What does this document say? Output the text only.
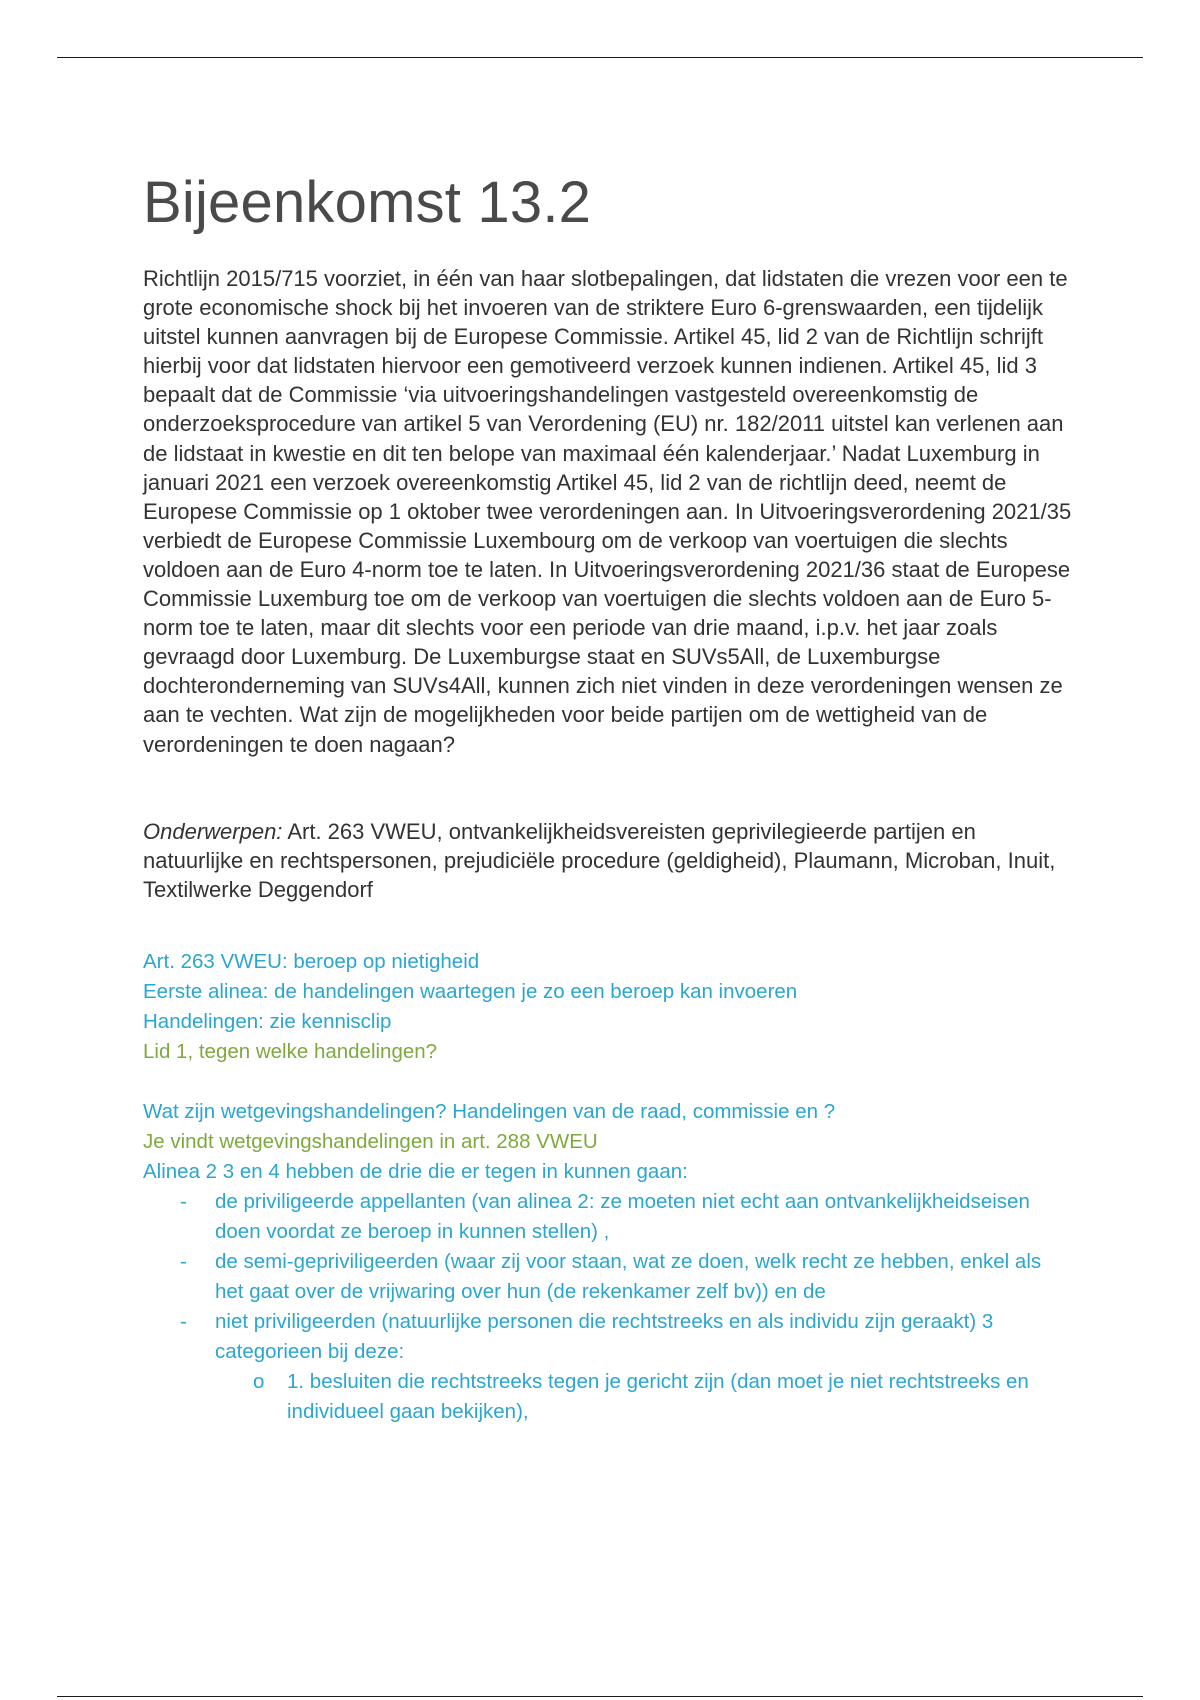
Bijeenkomst 13.2

Richtlijn 2015/715 voorziet, in één van haar slotbepalingen, dat lidstaten die vrezen voor een te grote economische shock bij het invoeren van de striktere Euro 6-grenswaarden, een tijdelijk uitstel kunnen aanvragen bij de Europese Commissie. Artikel 45, lid 2 van de Richtlijn schrijft hierbij voor dat lidstaten hiervoor een gemotiveerd verzoek kunnen indienen. Artikel 45, lid 3 bepaalt dat de Commissie ‘via uitvoeringshandelingen vastgesteld overeenkomstig de onderzoeksprocedure van artikel 5 van Verordening (EU) nr. 182/2011 uitstel kan verlenen aan de lidstaat in kwestie en dit ten belope van maximaal één kalenderjaar.’ Nadat Luxemburg in januari 2021 een verzoek overeenkomstig Artikel 45, lid 2 van de richtlijn deed, neemt de Europese Commissie op 1 oktober twee verordeningen aan. In Uitvoeringsverordening 2021/35 verbiedt de Europese Commissie Luxembourg om de verkoop van voertuigen die slechts voldoen aan de Euro 4-norm toe te laten. In Uitvoeringsverordening 2021/36 staat de Europese Commissie Luxemburg toe om de verkoop van voertuigen die slechts voldoen aan de Euro 5-norm toe te laten, maar dit slechts voor een periode van drie maand, i.p.v. het jaar zoals gevraagd door Luxemburg. De Luxemburgse staat en SUVs5All, de Luxemburgse dochteronderneming van SUVs4All, kunnen zich niet vinden in deze verordeningen wensen ze aan te vechten. Wat zijn de mogelijkheden voor beide partijen om de wettigheid van de verordeningen te doen nagaan?

Onderwerpen: Art. 263 VWEU, ontvankelijkheidsvereisten geprivilegieerde partijen en natuurlijke en rechtspersonen, prejudiciële procedure (geldigheid), Plaumann, Microban, Inuit, Textilwerke Deggendorf

Art. 263 VWEU: beroep op nietigheid
Eerste alinea: de handelingen waartegen je zo een beroep kan invoeren
Handelingen: zie kennisclip
Lid 1, tegen welke handelingen?
Wat zijn wetgevingshandelingen? Handelingen van de raad, commissie en ?
Je vindt wetgevingshandelingen in art. 288 VWEU
Alinea 2 3 en 4 hebben de drie die er tegen in kunnen gaan:
- de priviligeerde appellanten (van alinea 2: ze moeten niet echt aan ontvankelijkheidseisen doen voordat ze beroep in kunnen stellen) ,
- de semi-gepriviligeerden (waar zij voor staan, wat ze doen, welk recht ze hebben, enkel als het gaat over de vrijwaring over hun (de rekenkamer zelf bv)) en de
- niet priviligeerden (natuurlijke personen die rechtstreeks en als individu zijn geraakt) 3 categorieen bij deze:
o 1. besluiten die rechtstreeks tegen je gericht zijn (dan moet je niet rechtstreeks en individueel gaan bekijken),
